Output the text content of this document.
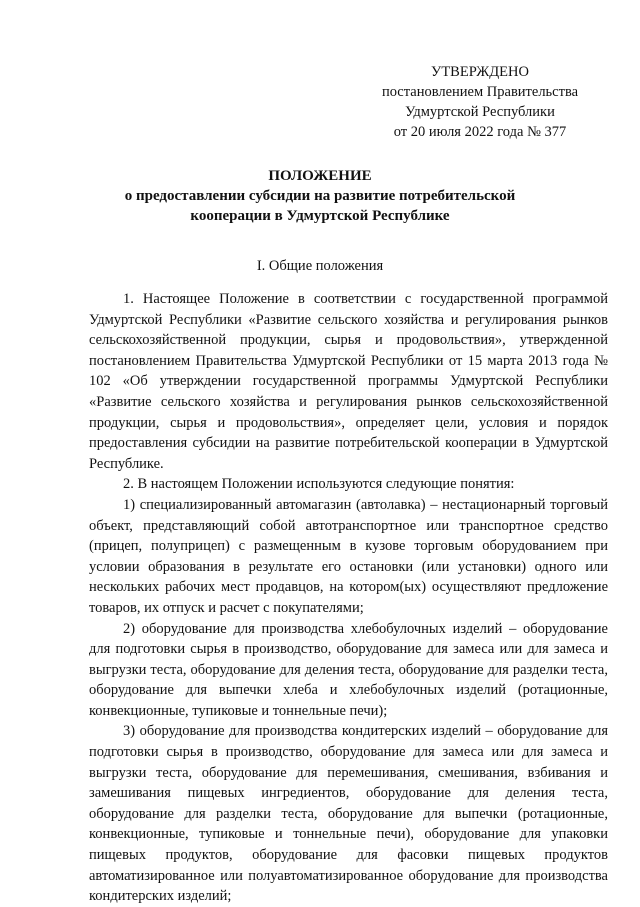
УТВЕРЖДЕНО
постановлением Правительства
Удмуртской Республики
от 20 июля 2022 года № 377
ПОЛОЖЕНИЕ
о предоставлении субсидии на развитие потребительской
кооперации в Удмуртской Республике
I. Общие положения

1. Настоящее Положение в соответствии с государственной программой Удмуртской Республики «Развитие сельского хозяйства и регулирования рынков сельскохозяйственной продукции, сырья и продовольствия», утвержденной постановлением Правительства Удмуртской Республики от 15 марта 2013 года № 102 «Об утверждении государственной программы Удмуртской Республики «Развитие сельского хозяйства и регулирования рынков сельскохозяйственной продукции, сырья и продовольствия», определяет цели, условия и порядок предоставления субсидии на развитие потребительской кооперации в Удмуртской Республике.

2. В настоящем Положении используются следующие понятия:

1) специализированный автомагазин (автолавка) – нестационарный торговый объект, представляющий собой автотранспортное или транспортное средство (прицеп, полуприцеп) с размещенным в кузове торговым оборудованием при условии образования в результате его остановки (или установки) одного или нескольких рабочих мест продавцов, на котором(ых) осуществляют предложение товаров, их отпуск и расчет с покупателями;

2) оборудование для производства хлебобулочных изделий – оборудование для подготовки сырья в производство, оборудование для замеса или для замеса и выгрузки теста, оборудование для деления теста, оборудование для разделки теста, оборудование для выпечки хлеба и хлебобулочных изделий (ротационные, конвекционные, тупиковые и тоннельные печи);

3) оборудование для производства кондитерских изделий – оборудование для подготовки сырья в производство, оборудование для замеса или для замеса и выгрузки теста, оборудование для перемешивания, смешивания, взбивания и замешивания пищевых ингредиентов, оборудование для деления теста, оборудование для разделки теста, оборудование для выпечки (ротационные, конвекционные, тупиковые и тоннельные печи), оборудование для упаковки пищевых продуктов, оборудование для фасовки пищевых продуктов автоматизированное или полуавтоматизированное оборудование для производства кондитерских изделий;
